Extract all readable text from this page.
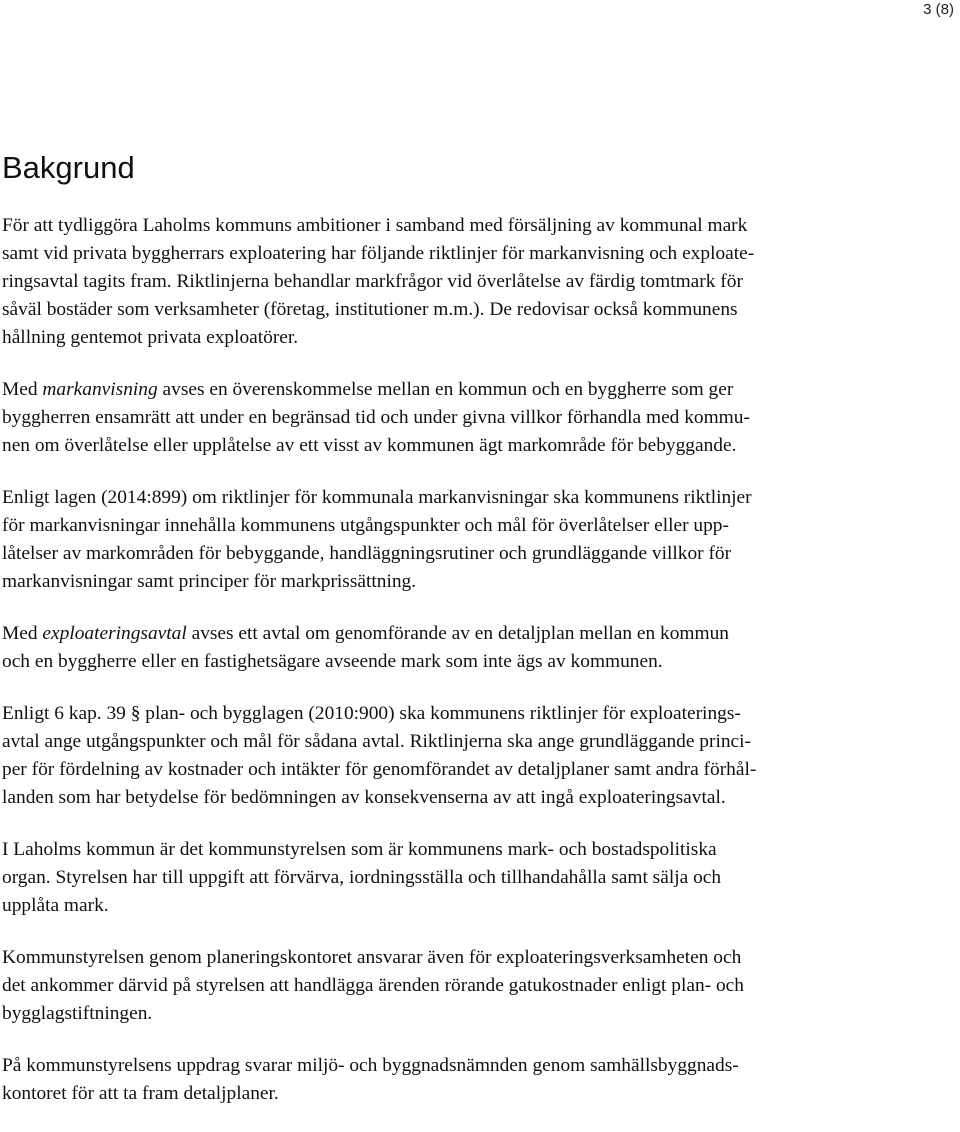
3 (8)
Bakgrund

För att tydliggöra Laholms kommuns ambitioner i samband med försäljning av kommunal mark
samt vid privata byggherrars exploatering har följande riktlinjer för markanvisning och exploate-
ringsavtal tagits fram. Riktlinjerna behandlar markfrågor vid överlåtelse av färdig tomtmark för
såväl bostäder som verksamheter (företag, institutioner m.m.). De redovisar också kommunens
hållning gentemot privata exploatörer.

Med markanvisning avses en överenskommelse mellan en kommun och en byggherre som ger
byggherren ensamrätt att under en begränsad tid och under givna villkor förhandla med kommu-
nen om överlåtelse eller upplåtelse av ett visst av kommunen ägt markområde för bebyggande.

Enligt lagen (2014:899) om riktlinjer för kommunala markanvisningar ska kommunens riktlinjer
för markanvisningar innehålla kommunens utgångspunkter och mål för överlåtelser eller upp-
låtelser av markområden för bebyggande, handläggningsrutiner och grundläggande villkor för
markanvisningar samt principer för markprissättning.

Med exploateringsavtal avses ett avtal om genomförande av en detaljplan mellan en kommun
och en byggherre eller en fastighetsägare avseende mark som inte ägs av kommunen.

Enligt 6 kap. 39 § plan- och bygglagen (2010:900) ska kommunens riktlinjer för exploaterings-
avtal ange utgångspunkter och mål för sådana avtal. Riktlinjerna ska ange grundläggande princi-
per för fördelning av kostnader och intäkter för genomförandet av detaljplaner samt andra förhål-
landen som har betydelse för bedömningen av konsekvenserna av att ingå exploateringsavtal.

I Laholms kommun är det kommunstyrelsen som är kommunens mark- och bostadspolitiska
organ. Styrelsen har till uppgift att förvärva, iordningsställa och tillhandahålla samt sälja och
upplåta mark.

Kommunstyrelsen genom planeringskontoret ansvarar även för exploateringsverksamheten och
det ankommer därvid på styrelsen att handlägga ärenden rörande gatukostnader enligt plan- och
bygglagstiftningen.

På kommunstyrelsens uppdrag svarar miljö- och byggnadsnämnden genom samhällsbyggnads-
kontoret för att ta fram detaljplaner.
